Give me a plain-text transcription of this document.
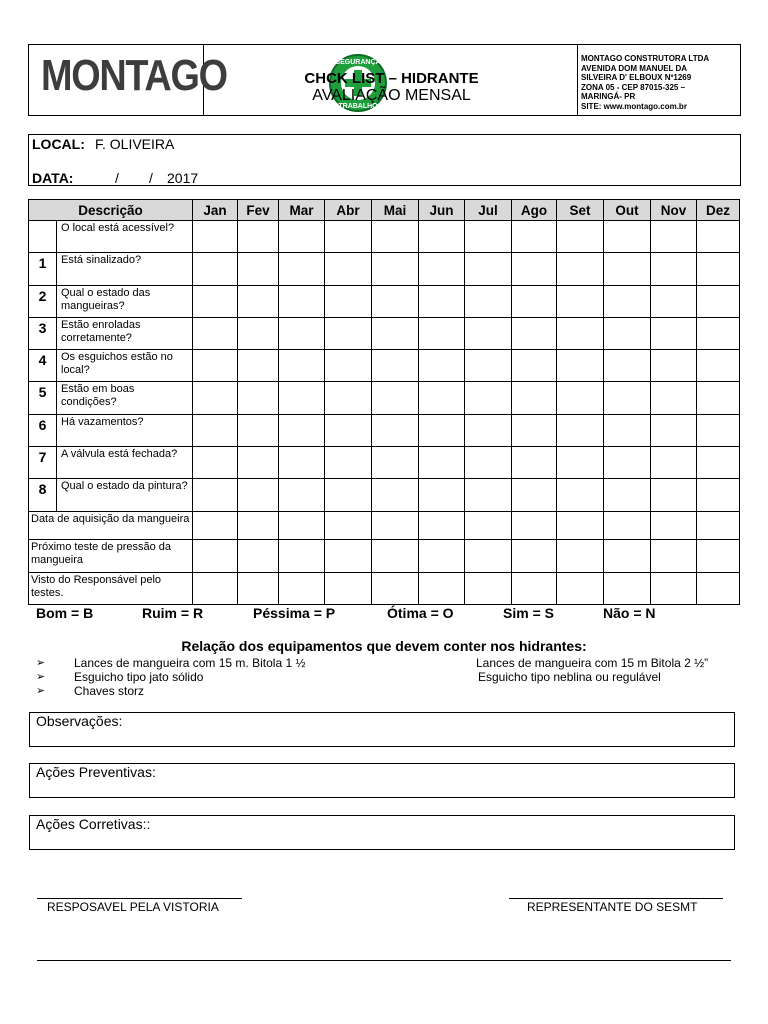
MONTAGO	SEGURANÇA
TRABALHO
CHCK LIST – HIDRANTE
AVALIAÇÃO MENSAL
MONTAGO CONSTRUTORA LTDA
AVENIDA DOM MANUEL DA
SILVEIRA D' ELBOUX Nº1269
ZONA 05 - CEP 87015-325 –
MARINGÁ- PR
SITE: www.montago.com.br
LOCAL: F. OLIVEIRA
DATA:	/ / 2017
Descrição		Jan	Fev	Mar	Abr	Mai	Jun	Jul	Ago	Set	Out	Nov	Dez
	O local está acessível?												
1	Está sinalizado?												
2	Qual o estado das mangueiras?												
3	Estão enroladas corretamente?												
4	Os esguichos estão no local?												
5	Estão em boas condições?												
6	Há vazamentos?												
7	A válvula está fechada?												
8	Qual o estado da pintura?												
Data de aquisição da mangueira													
Próximo teste de pressão da mangueira													
Visto do Responsável pelo testes.													
Bom = B	Ruim = R	Péssima = P	Ótima = O	Sim = S	Não = N
Relação dos equipamentos que devem conter nos hidrantes:
➢ Lances de mangueira com 15 m. Bitola 1 ½	Lances de mangueira com 15 m Bitola 2 ½”
➢ Esguicho tipo jato sólido	Esguicho tipo neblina ou regulável
➢ Chaves storz
Observações:
Ações Preventivas:
Ações Corretivas::
RESPOSAVEL PELA VISTORIA	REPRESENTANTE DO SESMT
